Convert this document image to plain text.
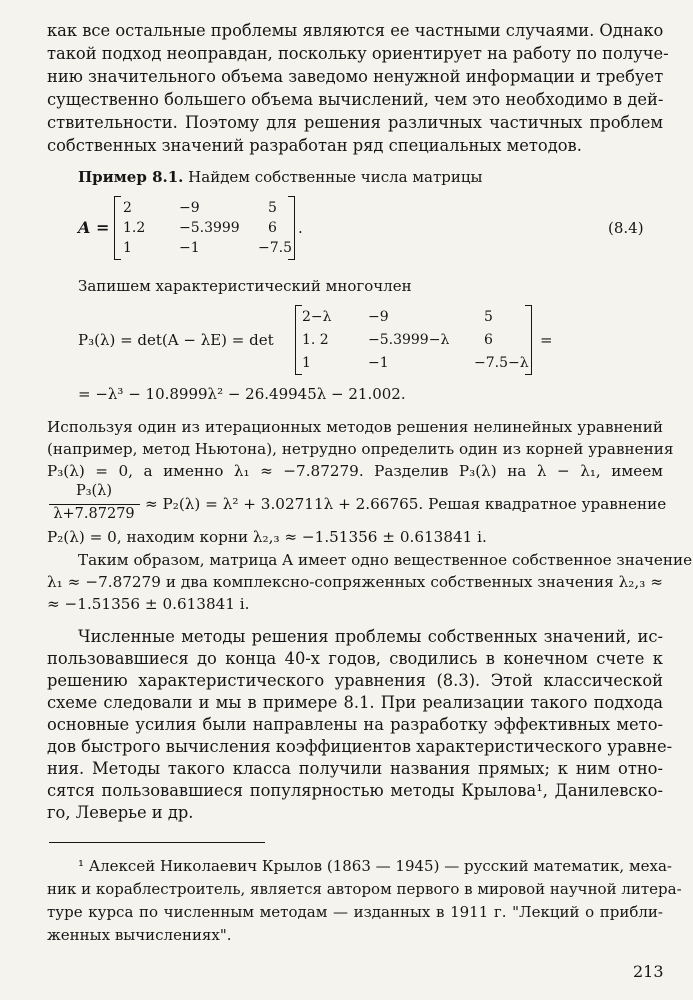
как все остальные проблемы являются ее частными случаями. Однако
такой подход неоправдан, поскольку ориентирует на работу по получе-
нию значительного объема заведомо ненужной информации и требует
существенно большего объема вычислений, чем это необходимо в дей-
ствительности. Поэтому для решения различных частичных проблем
собственных значений разработан ряд специальных методов.
Пример 8.1. Найдем собственные числа матрицы
A =
2	−9	5
1.2 −5.3999 6
1	−1	−7.5
.	(8.4)
Запишем характеристический многочлен
P₃(λ) = det(A − λE) = det
2−λ	−9	5
1. 2	−5.3999−λ 6
1	−1	−7.5−λ
=
= −λ³ − 10.8999λ² − 26.49945λ − 21.002.
Используя один из итерационных методов решения нелинейных уравнений
(например, метод Ньютона), нетрудно определить один из корней уравнения
P₃(λ) = 0, а именно λ₁ ≈ −7.87279. Разделив P₃(λ) на λ − λ₁, имеем
P₃(λ)
λ+7.87279
≈ P₂(λ) = λ² + 3.02711λ + 2.66765. Решая квадратное уравнение
P₂(λ) = 0, находим корни λ₂,₃ ≈ −1.51356 ± 0.613841 i.
Таким образом, матрица A имеет одно вещественное собственное значение
λ₁ ≈ −7.87279 и два комплексно-сопряженных собственных значения λ₂,₃ ≈
≈ −1.51356 ± 0.613841 i.
Численные методы решения проблемы собственных значений, ис-
пользовавшиеся до конца 40-х годов, сводились в конечном счете к
решению характеристического уравнения (8.3). Этой классической
схеме следовали и мы в примере 8.1. При реализации такого подхода
основные усилия были направлены на разработку эффективных мето-
дов быстрого вычисления коэффициентов характеристического уравне-
ния. Методы такого класса получили названия прямых; к ним отно-
сятся пользовавшиеся популярностью методы Крылова¹, Данилевско-
го, Леверье и др.
¹ Алексей Николаевич Крылов (1863 — 1945) — русский математик, меха-
ник и кораблестроитель, является автором первого в мировой научной литера-
туре курса по численным методам — изданных в 1911 г. "Лекций о прибли-
женных вычислениях".
213
